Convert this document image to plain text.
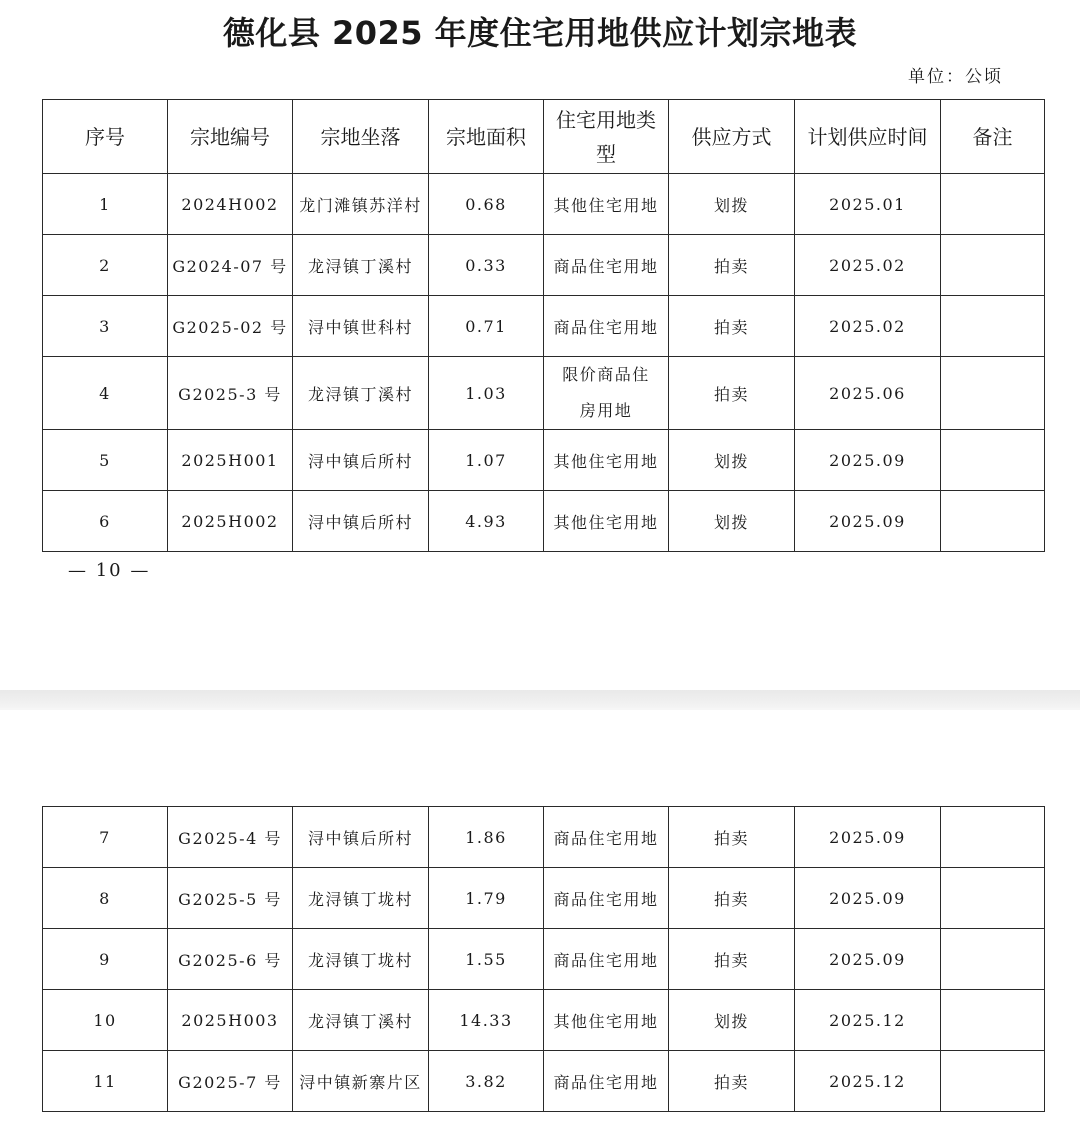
德化县 2025 年度住宅用地供应计划宗地表
单位：公顷
序号	宗地编号	宗地坐落	宗地面积	住宅用地类型	供应方式	计划供应时间	备注
1	2024H002	龙门滩镇苏洋村	0.68	其他住宅用地	划拨	2025.01	
2	G2024-07 号	龙浔镇丁溪村	0.33	商品住宅用地	拍卖	2025.02	
3	G2025-02 号	浔中镇世科村	0.71	商品住宅用地	拍卖	2025.02	
4	G2025-3 号	龙浔镇丁溪村	1.03	限价商品住房用地	拍卖	2025.06	
5	2025H001	浔中镇后所村	1.07	其他住宅用地	划拨	2025.09	
6	2025H002	浔中镇后所村	4.93	其他住宅用地	划拨	2025.09	
— 10 —
7	G2025-4 号	浔中镇后所村	1.86	商品住宅用地	拍卖	2025.09	
8	G2025-5 号	龙浔镇丁垅村	1.79	商品住宅用地	拍卖	2025.09	
9	G2025-6 号	龙浔镇丁垅村	1.55	商品住宅用地	拍卖	2025.09	
10	2025H003	龙浔镇丁溪村	14.33	其他住宅用地	划拨	2025.12	
11	G2025-7 号	浔中镇新寨片区	3.82	商品住宅用地	拍卖	2025.12	
